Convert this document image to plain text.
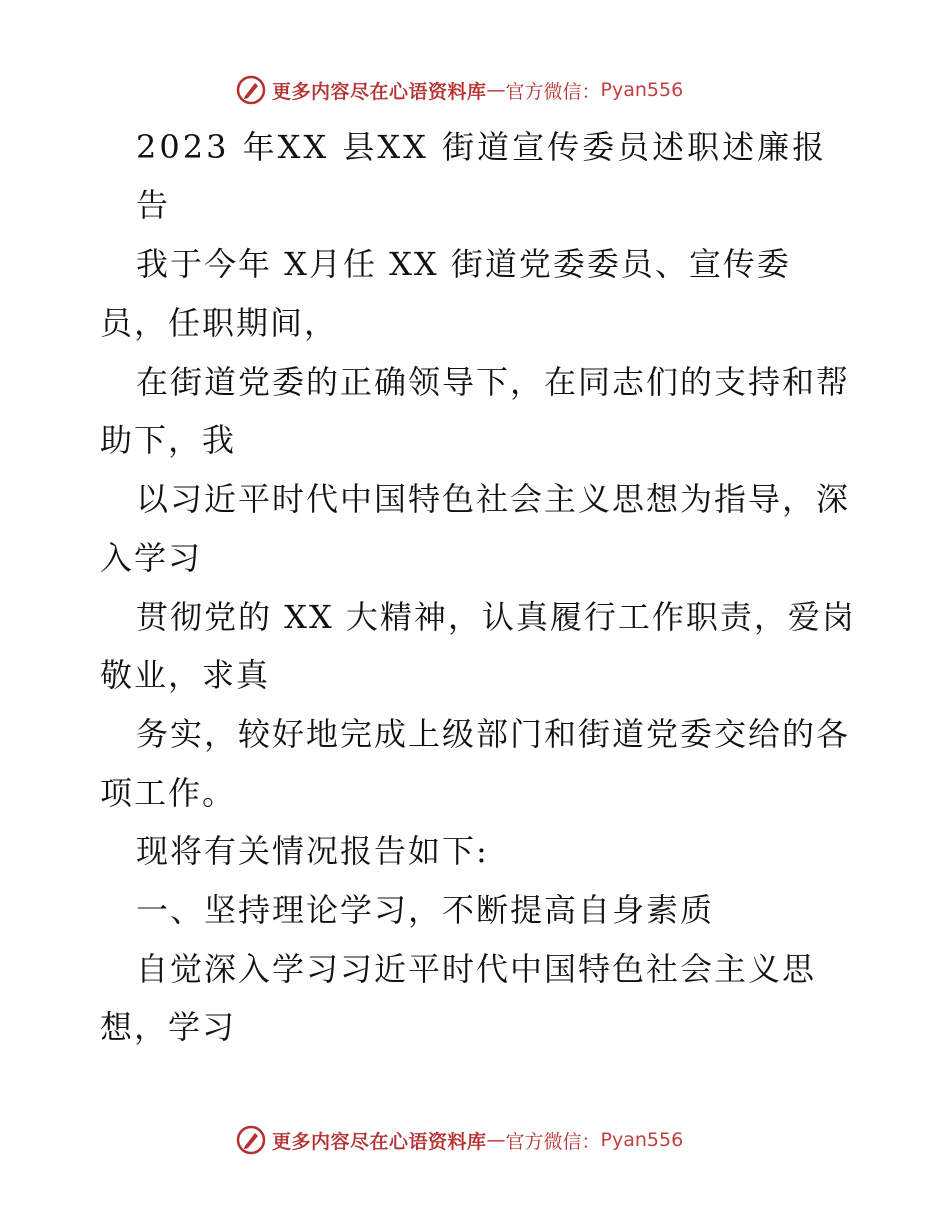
更多内容尽在心语资料库 — 官方微信： Pyan556
2023 年XX 县XX 街道宣传委员述职述廉报
告
我于今年 X月任 XX 街道党委委员、宣传委
员，任职期间，
在街道党委的正确领导下，在同志们的支持和帮
助下，我
以习近平时代中国特色社会主义思想为指导，深
入学习
贯彻党的 XX 大精神，认真履行工作职责，爱岗
敬业，求真
务实，较好地完成上级部门和街道党委交给的各
项工作。
现将有关情况报告如下:
一、坚持理论学习，不断提高自身素质
自觉深入学习习近平时代中国特色社会主义思
想，学习
更多内容尽在心语资料库 — 官方微信： Pyan556
